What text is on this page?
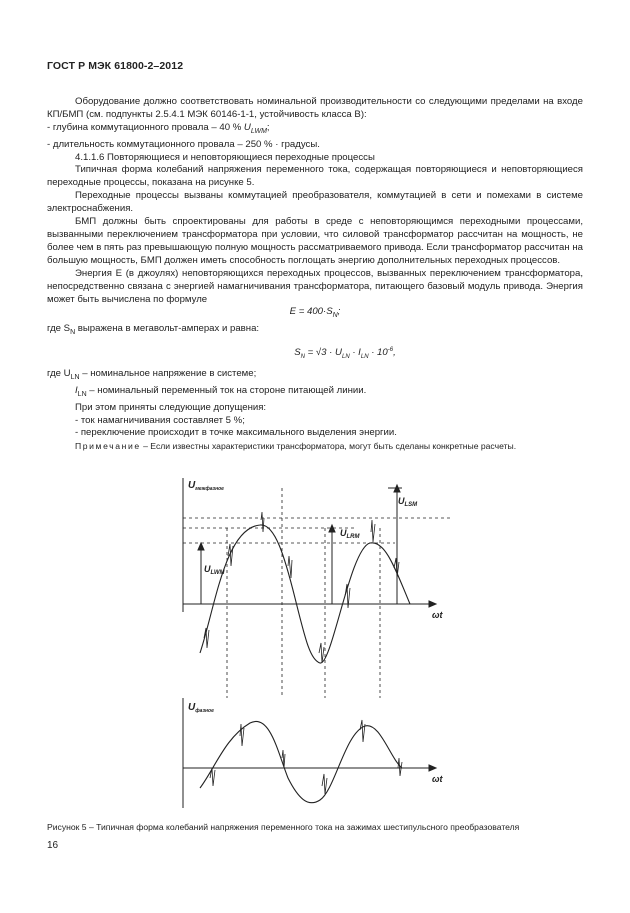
ГОСТ Р МЭК 61800-2–2012

Оборудование должно соответствовать номинальной производительности со следующими пределами на входе КП/БМП (см. подпункты 2.5.4.1 МЭК 60146-1-1, устойчивость класса B):

- глубина коммутационного провала – 40 % $U_{LWM}$;

- длительность коммутационного провала – 250 % · градусы.

4.1.1.6 Повторяющиеся и неповторяющиеся переходные процессы

Типичная форма колебаний напряжения переменного тока, содержащая повторяющиеся и неповторяющиеся переходные процессы, показана на рисунке 5.

Переходные процессы вызваны коммутацией преобразователя, коммутацией в сети и помехами в системе электроснабжения.

БМП должны быть спроектированы для работы в среде с неповторяющимся переходными процессами, вызванными переключением трансформатора при условии, что силовой трансформатор рассчитан на мощность, не более чем в пять раз превышающую полную мощность рассматриваемого привода. Если трансформатор рассчитан на большую мощность, БМП должен иметь способность поглощать энергию дополнительных переходных процессов.

Энергия E (в джоулях) неповторяющихся переходных процессов, вызванных переключением трансформатора, непосредственно связана с энергией намагничивания трансформатора, питающего базовый модуль привода. Энергия может быть вычислена по формуле

$E = 400\cdot S_N$;

где $S_N$ выражена в мегавольт-амперах и равна:

$S_N = √3 \cdot U_{LN} \cdot I_{LN} \cdot 10^{-6}$,

где $U_{LN}$ – номинальное напряжение в системе;

$I_{LN}$ – номинальный переменный ток на стороне питающей линии.

При этом приняты следующие допущения:

- ток намагничивания составляет 5 %;

- переключение происходит в точке максимального выделения энергии.

Примечание – Если известны характеристики трансформатора, могут быть сделаны конкретные расчеты.

$U_{межфазное}$
$U_{фазное}$
ωt
ωt
$U_{LWM}$
$U_{LRM}$
$U_{LSM}$
Рисунок 5 – Типичная форма колебаний напряжения переменного тока на зажимах шестипульсного преобразователя
16
